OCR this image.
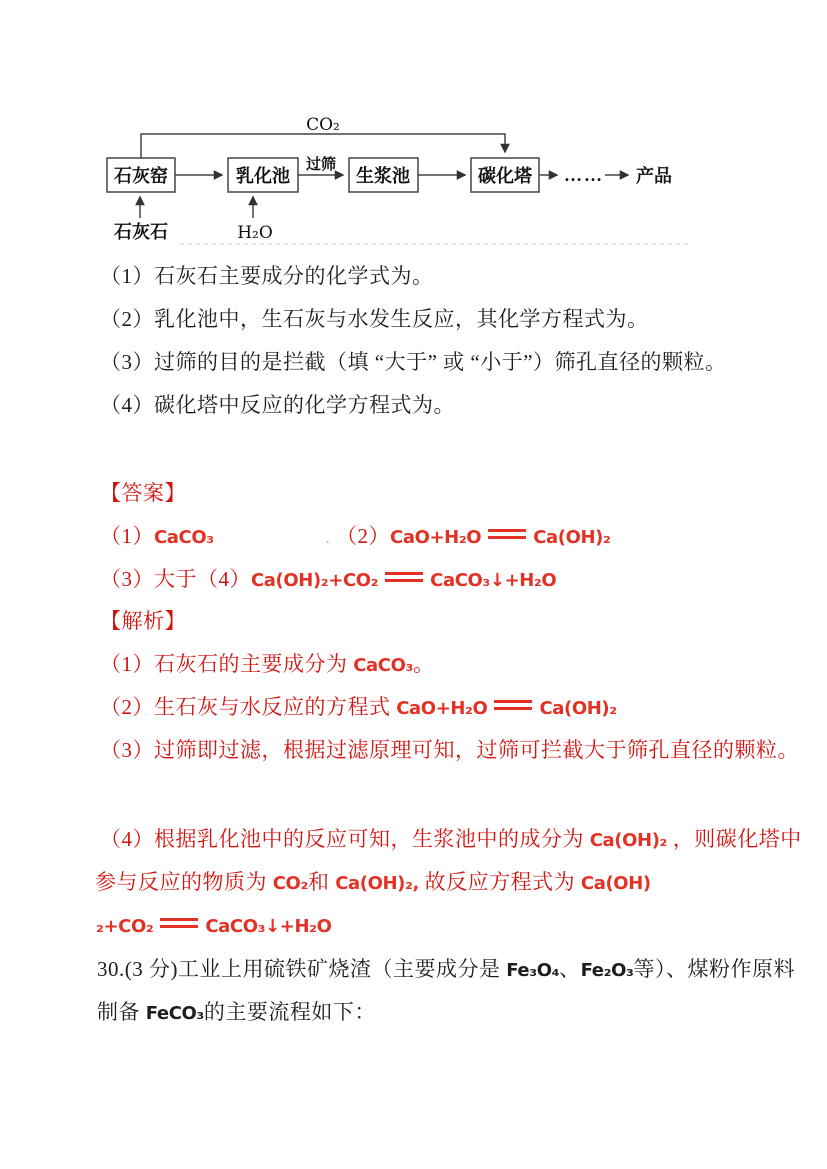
CO₂
石灰窑	乳化池	生浆池	碳化塔
过筛	…… 产品
石灰石	H₂O
（1）石灰石主要成分的化学式为。
（2）乳化池中，生石灰与水发生反应，其化学方程式为。
（3）过筛的目的是拦截（填 “大于” 或 “小于”）筛孔直径的颗粒。
（4）碳化塔中反应的化学方程式为。
【答案】
（1）CaCO₃	. （2）CaO+H₂O	Ca(OH)₂
（3）大于（4）Ca(OH)₂+CO₂	CaCO₃↓+H₂O
【解析】
（1）石灰石的主要成分为 CaCO₃。
（2）生石灰与水反应的方程式 CaO+H₂O	Ca(OH)₂
（3）过筛即过滤，根据过滤原理可知，过筛可拦截大于筛孔直径的颗粒。
（4）根据乳化池中的反应可知，生浆池中的成分为 Ca(OH)₂ ，则碳化塔中
参与反应的物质为 CO₂和 Ca(OH)₂, 故反应方程式为 Ca(OH)
₂+CO₂	CaCO₃↓+H₂O
30.(3 分)工业上用硫铁矿烧渣（主要成分是 Fe₃O₄、Fe₂O₃等）、煤粉作原料
制备 FeCO₃的主要流程如下：
